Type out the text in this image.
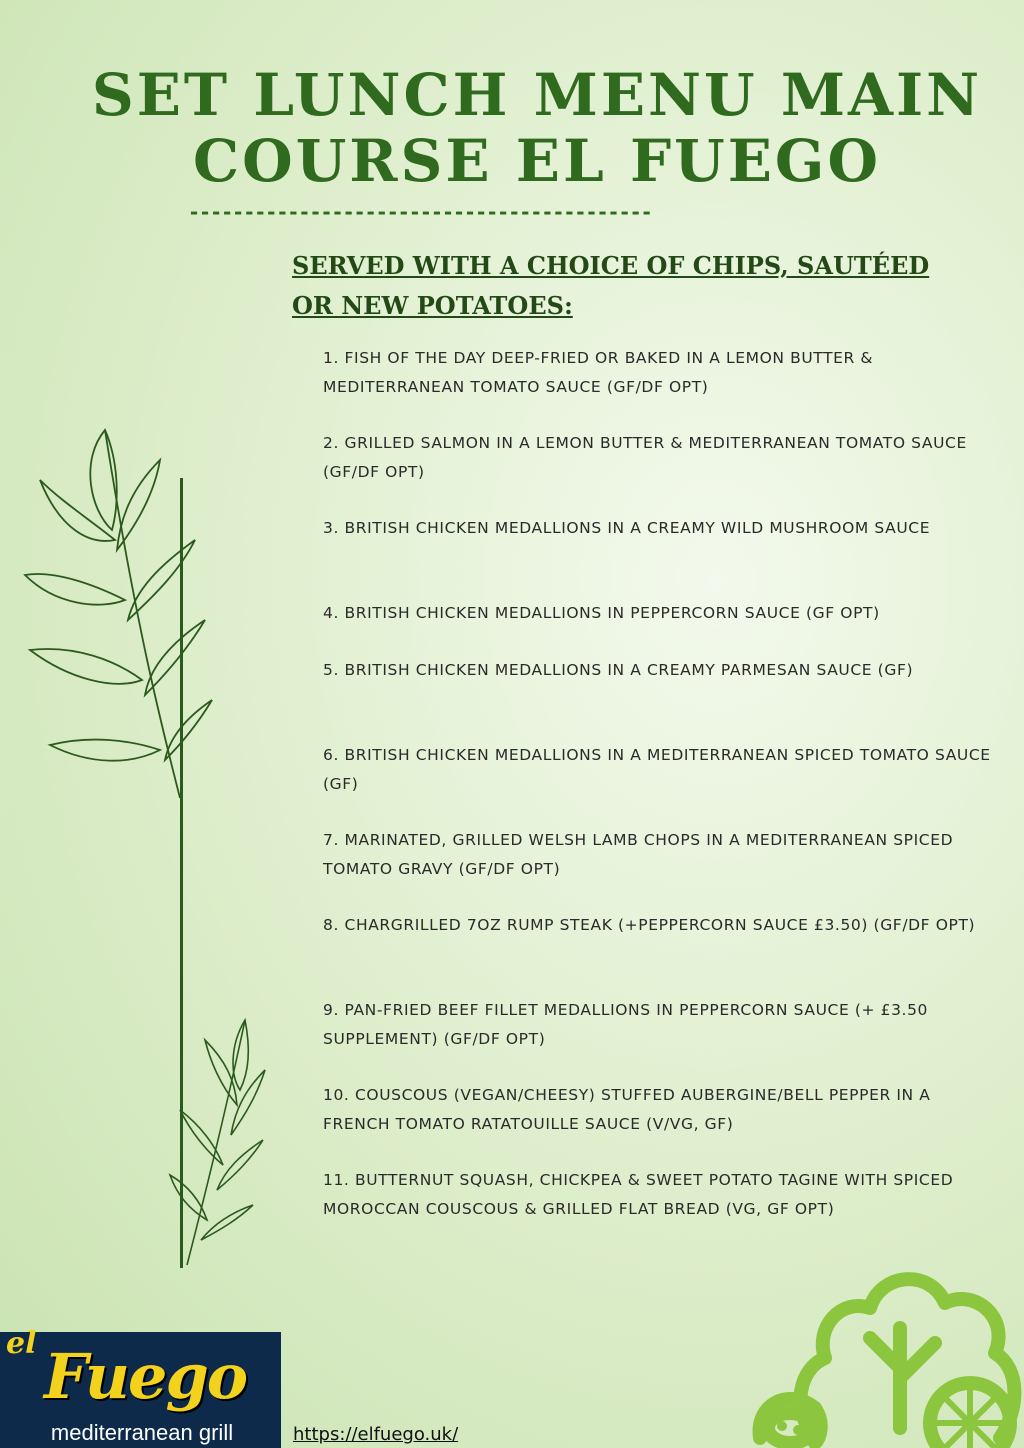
SET LUNCH MENU MAIN COURSE EL FUEGO
------------------------------------------
SERVED WITH A CHOICE OF CHIPS, SAUTÉED OR NEW POTATOES:
1. FISH OF THE DAY DEEP-FRIED OR BAKED IN A LEMON BUTTER & MEDITERRANEAN TOMATO SAUCE (GF/DF OPT)
2. GRILLED SALMON IN A LEMON BUTTER & MEDITERRANEAN TOMATO SAUCE (GF/DF OPT)
3. BRITISH CHICKEN MEDALLIONS IN A CREAMY WILD MUSHROOM SAUCE
4. BRITISH CHICKEN MEDALLIONS IN PEPPERCORN SAUCE (GF OPT)
5. BRITISH CHICKEN MEDALLIONS IN A CREAMY PARMESAN SAUCE (GF)
6. BRITISH CHICKEN MEDALLIONS IN A MEDITERRANEAN SPICED TOMATO SAUCE (GF)
7. MARINATED, GRILLED WELSH LAMB CHOPS IN A MEDITERRANEAN SPICED TOMATO GRAVY (GF/DF OPT)
8. CHARGRILLED 7OZ RUMP STEAK (+PEPPERCORN SAUCE £3.50) (GF/DF OPT)
9. PAN-FRIED BEEF FILLET MEDALLIONS IN PEPPERCORN SAUCE (+ £3.50 SUPPLEMENT) (GF/DF OPT)
10. COUSCOUS (VEGAN/CHEESY) STUFFED AUBERGINE/BELL PEPPER IN A FRENCH TOMATO RATATOUILLE SAUCE (V/VG, GF)
11. BUTTERNUT SQUASH, CHICKPEA & SWEET POTATO TAGINE WITH SPICED MOROCCAN COUSCOUS & GRILLED FLAT BREAD (VG, GF OPT)
el Fuego
mediterranean grill	https://elfuego.uk/
